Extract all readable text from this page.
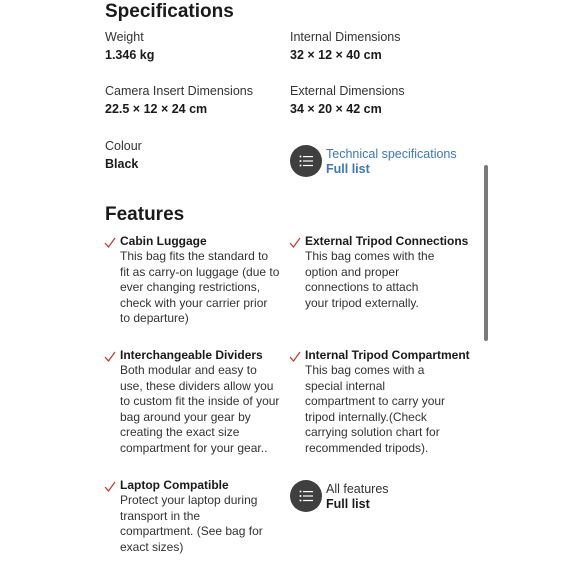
Specifications
Weight
1.346 kg
Internal Dimensions
32 × 12 × 40 cm
Camera Insert Dimensions
22.5 × 12 × 24 cm
External Dimensions
34 × 20 × 42 cm
Colour
Black
Technical specifications
Full list
Features
Cabin Luggage
This bag fits the standard to fit as carry-on luggage (due to ever changing restrictions, check with your carrier prior to departure)
External Tripod Connections
This bag comes with the option and proper connections to attach your tripod externally.
Interchangeable Dividers
Both modular and easy to use, these dividers allow you to custom fit the inside of your bag around your gear by creating the exact size compartment for your gear..
Internal Tripod Compartment
This bag comes with a special internal compartment to carry your tripod internally.(Check carrying solution chart for recommended tripods).
Laptop Compatible
Protect your laptop during transport in the compartment. (See bag for exact sizes)
All features
Full list
